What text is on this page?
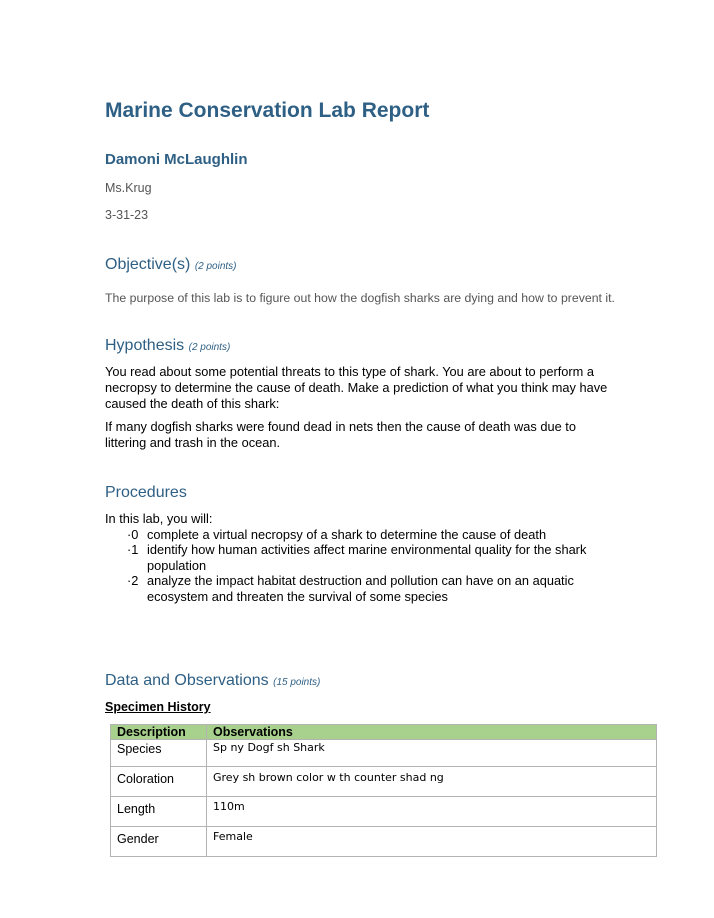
Marine Conservation Lab Report
Damoni McLaughlin

Ms.Krug

3-31-23

Objective(s) (2 points)

The purpose of this lab is to figure out how the dogfish sharks are dying and how to prevent it.

Hypothesis (2 points)

You read about some potential threats to this type of shark. You are about to perform a necropsy to determine the cause of death. Make a prediction of what you think may have caused the death of this shark:

If many dogfish sharks were found dead in nets then the cause of death was due to littering and trash in the ocean.

Procedures
In this lab, you will:
·0 complete a virtual necropsy of a shark to determine the cause of death
·1 identify how human activities affect marine environmental quality for the shark population
·2 analyze the impact habitat destruction and pollution can have on an aquatic ecosystem and threaten the survival of some species
Data and Observations (15 points)

Specimen History

Description	Observations
Species	Sp ny Dogf sh Shark
Coloration	Grey sh brown color w th counter shad ng
Length	110m
Gender	Female
